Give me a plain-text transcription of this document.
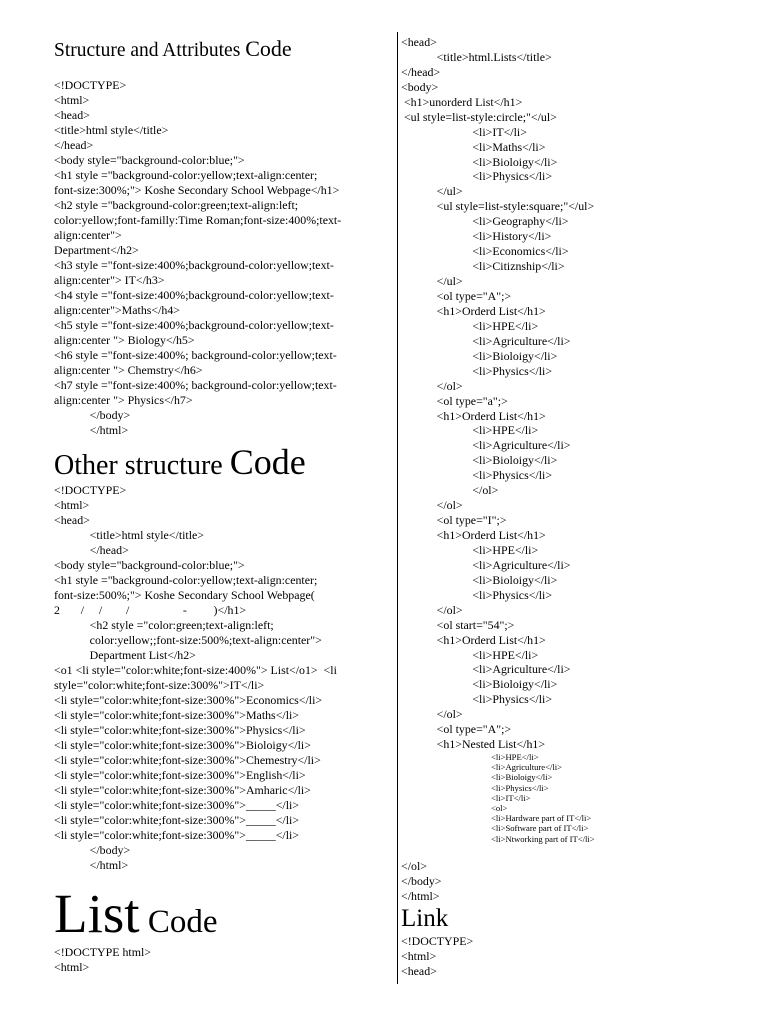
Structure and Attributes Code
<!DOCTYPE>
<html>
<head>
<title>html style</title>
</head>
<body style="background-color:blue;">
<h1 style ="background-color:yellow;text-align:center;
font-size:300%;"> Koshe Secondary School Webpage</h1>
<h2 style ="background-color:green;text-align:left;
color:yellow;font-familly:Time Roman;font-size:400%;text-
align:center">
Department</h2>
<h3 style ="font-size:400%;background-color:yellow;text-
align:center"> IT</h3>
<h4 style ="font-size:400%;background-color:yellow;text-
align:center">Maths</h4>
<h5 style ="font-size:400%;background-color:yellow;text-
align:center "> Biology</h5>
<h6 style ="font-size:400%; background-color:yellow;text-
align:center "> Chemstry</h6>
<h7 style ="font-size:400%; background-color:yellow;text-
align:center "> Physics</h7>
</body>
</html>
Other structure Code
<!DOCTYPE>
<html>
<head>
<title>html style</title>
</head>
<body style="background-color:blue;">
<h1 style ="background-color:yellow;text-align:center;
font-size:500%;"> Koshe Secondary School Webpage(
2       /     /        /                  -         )</h1>
<h2 style ="color:green;text-align:left;
color:yellow;;font-size:500%;text-align:center">
Department List</h2>
<o1 <li style="color:white;font-size:400%"> List</o1>  <li
style="color:white;font-size:300%">IT</li>
<li style="color:white;font-size:300%">Economics</li>
<li style="color:white;font-size:300%">Maths</li>
<li style="color:white;font-size:300%">Physics</li>
<li style="color:white;font-size:300%">Bioloigy</li>
<li style="color:white;font-size:300%">Chemestry</li>
<li style="color:white;font-size:300%">English</li>
<li style="color:white;font-size:300%">Amharic</li>
<li style="color:white;font-size:300%">_____</li>
<li style="color:white;font-size:300%">_____</li>
<li style="color:white;font-size:300%">_____</li>
</body>
</html>
List Code
<!DOCTYPE html>
<html>
<head>
<title>html.Lists</title>
</head>
<body>
<h1>unorderd List</h1>
<ul style=list-style:circle;"</ul>
<li>IT</li>
<li>Maths</li>
<li>Bioloigy</li>
<li>Physics</li>
</ul>
<ul style=list-style:square;"</ul>
<li>Geography</li>
<li>History</li>
<li>Economics</li>
<li>Citiznship</li>
</ul>
<ol type="A";>
<h1>Orderd List</h1>
<li>HPE</li>
<li>Agriculture</li>
<li>Bioloigy</li>
<li>Physics</li>
</ol>
<ol type="a";>
<h1>Orderd List</h1>
<li>HPE</li>
<li>Agriculture</li>
<li>Bioloigy</li>
<li>Physics</li>
</ol>
</ol>
<ol type="I";>
<h1>Orderd List</h1>
<li>HPE</li>
<li>Agriculture</li>
<li>Bioloigy</li>
<li>Physics</li>
</ol>
<ol start="54";>
<h1>Orderd List</h1>
<li>HPE</li>
<li>Agriculture</li>
<li>Bioloigy</li>
<li>Physics</li>
</ol>
<ol type="A";>
<h1>Nested List</h1>
<li>HPE</li>
<li>Agriculture</li>
<li>Bioloigy</li>
<li>Physics</li>
<li>IT</li>
<ol>
<li>Hardware part of IT</li>
<li>Software part of IT</li>
<li>Ntworking part of IT</li>
</ol>
</body>
</html>
Link
<!DOCTYPE>
<html>
<head>
